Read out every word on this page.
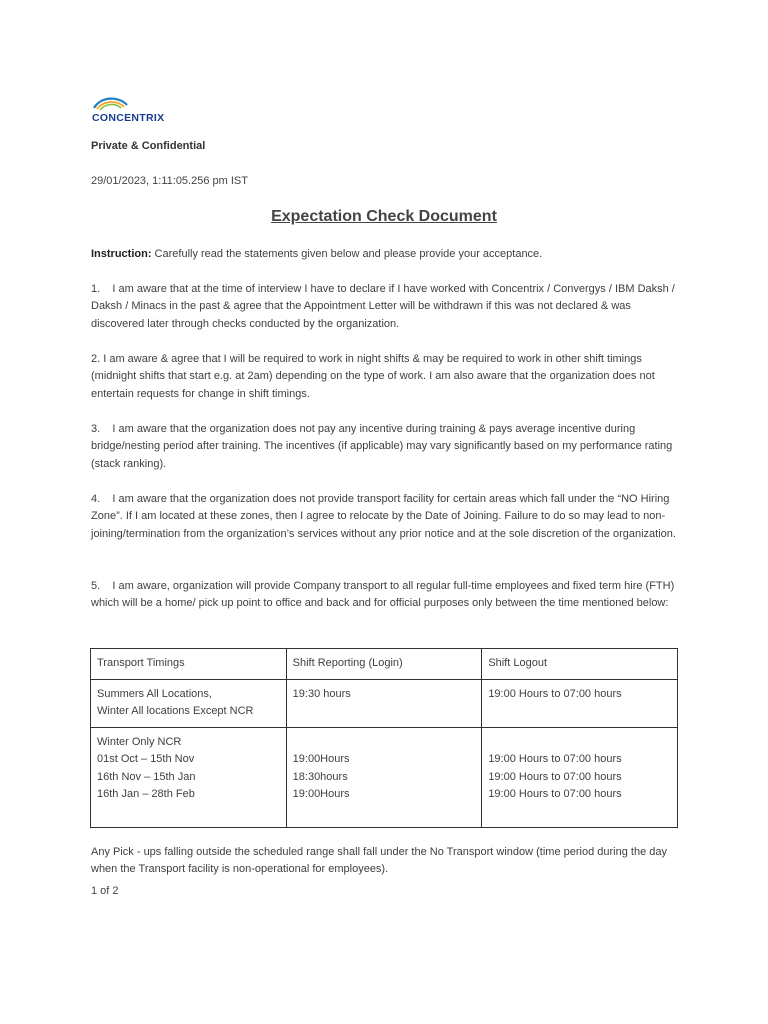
CONCENTRIX
Private & Confidential
29/01/2023, 1:11:05.256 pm IST
Expectation Check Document

Instruction: Carefully read the statements given below and please provide your acceptance.

1.    I am aware that at the time of interview I have to declare if I have worked with Concentrix / Convergys / IBM Daksh / Daksh / Minacs in the past & agree that the Appointment Letter will be withdrawn if this was not declared & was discovered later through checks conducted by the organization.

2. I am aware & agree that I will be required to work in night shifts & may be required to work in other shift timings (midnight shifts that start e.g. at 2am) depending on the type of work. I am also aware that the organization does not entertain requests for change in shift timings.

3.    I am aware that the organization does not pay any incentive during training & pays average incentive during bridge/nesting period after training. The incentives (if applicable) may vary significantly based on my performance rating (stack ranking).

4.    I am aware that the organization does not provide transport facility for certain areas which fall under the “NO Hiring Zone”. If I am located at these zones, then I agree to relocate by the Date of Joining. Failure to do so may lead to non-joining/termination from the organization’s services without any prior notice and at the sole discretion of the organization.

5.    I am aware, organization will provide Company transport to all regular full-time employees and fixed term hire (FTH) which will be a home/ pick up point to office and back and for official purposes only between the time mentioned below:

Transport Timings	Shift Reporting (Login)	Shift Logout

Summers All Locations,
Winter All locations Except NCR	19:30 hours	19:00 Hours to 07:00 hours

Winter Only NCR
01st Oct – 15th Nov
16th Nov – 15th Jan
16th Jan – 28th Feb	19:00Hours
18:30hours
19:00Hours	19:00 Hours to 07:00 hours
19:00 Hours to 07:00 hours
19:00 Hours to 07:00 hours

Any Pick - ups falling outside the scheduled range shall fall under the No Transport window (time period during the day when the Transport facility is non-operational for employees).

1 of 2
